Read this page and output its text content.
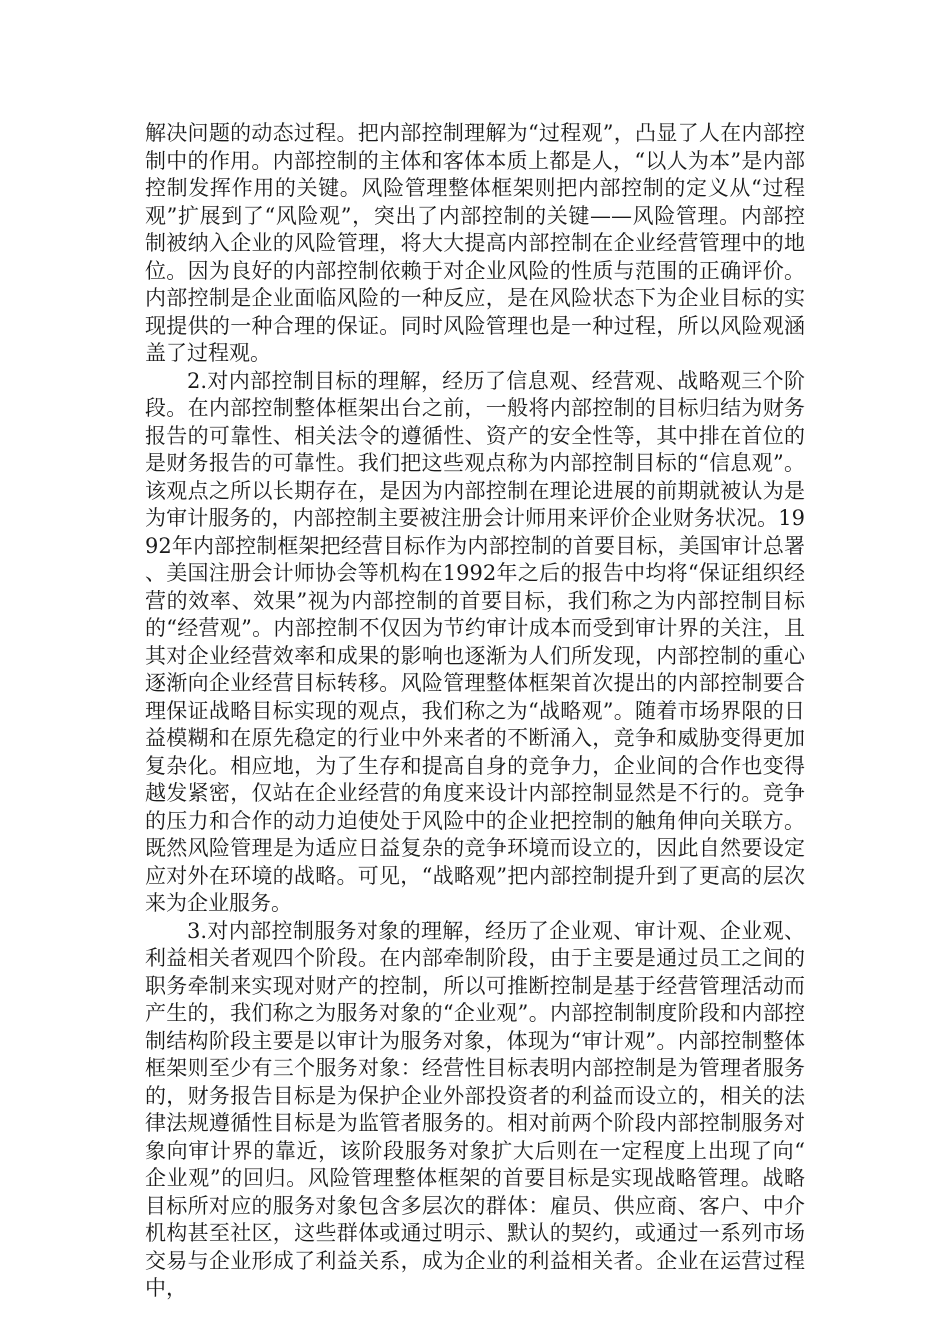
解决问题的动态过程。把内部控制理解为“过程观”，凸显了人在内部控制中的作用。内部控制的主体和客体本质上都是人，“以人为本”是内部控制发挥作用的关键。风险管理整体框架则把内部控制的定义从“过程观”扩展到了“风险观”，突出了内部控制的关键——风险管理。内部控制被纳入企业的风险管理，将大大提高内部控制在企业经营管理中的地位。因为良好的内部控制依赖于对企业风险的性质与范围的正确评价。内部控制是企业面临风险的一种反应，是在风险状态下为企业目标的实现提供的一种合理的保证。同时风险管理也是一种过程，所以风险观涵盖了过程观。

2.对内部控制目标的理解，经历了信息观、经营观、战略观三个阶段。在内部控制整体框架出台之前，一般将内部控制的目标归结为财务报告的可靠性、相关法令的遵循性、资产的安全性等，其中排在首位的是财务报告的可靠性。我们把这些观点称为内部控制目标的“信息观”。该观点之所以长期存在，是因为内部控制在理论进展的前期就被认为是为审计服务的，内部控制主要被注册会计师用来评价企业财务状况。1992年内部控制框架把经营目标作为内部控制的首要目标，美国审计总署、美国注册会计师协会等机构在1992年之后的报告中均将“保证组织经营的效率、效果”视为内部控制的首要目标，我们称之为内部控制目标的“经营观”。内部控制不仅因为节约审计成本而受到审计界的关注，且其对企业经营效率和成果的影响也逐渐为人们所发现，内部控制的重心逐渐向企业经营目标转移。风险管理整体框架首次提出的内部控制要合理保证战略目标实现的观点，我们称之为“战略观”。随着市场界限的日益模糊和在原先稳定的行业中外来者的不断涌入，竞争和威胁变得更加复杂化。相应地，为了生存和提高自身的竞争力，企业间的合作也变得越发紧密，仅站在企业经营的角度来设计内部控制显然是不行的。竞争的压力和合作的动力迫使处于风险中的企业把控制的触角伸向关联方。既然风险管理是为适应日益复杂的竞争环境而设立的，因此自然要设定应对外在环境的战略。可见，“战略观”把内部控制提升到了更高的层次来为企业服务。

3.对内部控制服务对象的理解，经历了企业观、审计观、企业观、利益相关者观四个阶段。在内部牵制阶段，由于主要是通过员工之间的职务牵制来实现对财产的控制，所以可推断控制是基于经营管理活动而产生的，我们称之为服务对象的“企业观”。内部控制制度阶段和内部控制结构阶段主要是以审计为服务对象，体现为“审计观”。内部控制整体框架则至少有三个服务对象：经营性目标表明内部控制是为管理者服务的，财务报告目标是为保护企业外部投资者的利益而设立的，相关的法律法规遵循性目标是为监管者服务的。相对前两个阶段内部控制服务对象向审计界的靠近，该阶段服务对象扩大后则在一定程度上出现了向“企业观”的回归。风险管理整体框架的首要目标是实现战略管理。战略目标所对应的服务对象包含多层次的群体：雇员、供应商、客户、中介机构甚至社区，这些群体或通过明示、默认的契约，或通过一系列市场交易与企业形成了利益关系，成为企业的利益相关者。企业在运营过程中，
